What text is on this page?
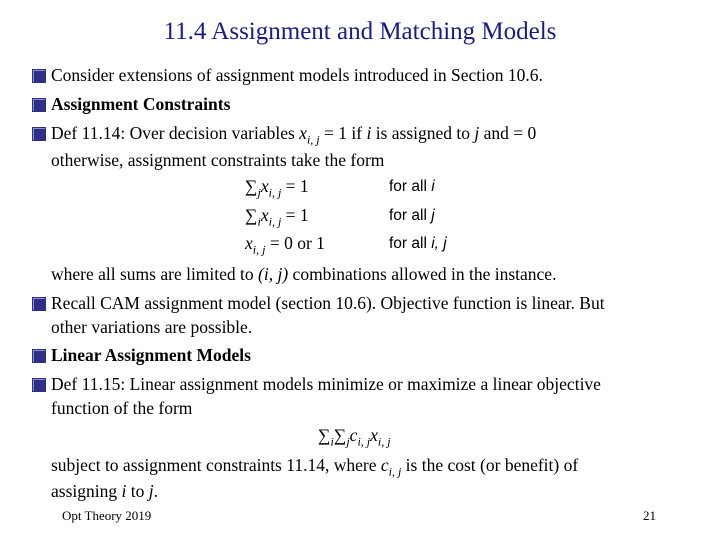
11.4 Assignment and Matching Models
Consider extensions of assignment models introduced in Section 10.6.
Assignment Constraints
Def 11.14: Over decision variables $x_{i, j} = 1$ if i is assigned to j and = 0
otherwise, assignment constraints take the form
$\sum_jx_{i, j} = 1$	for all i
$\sum_ix_{i, j} = 1$	for all j
$x_{i, j} = 0$ or 1	for all i, j
where all sums are limited to (i, j) combinations allowed in the instance.
Recall CAM assignment model (section 10.6). Objective function is linear. But
other variations are possible.
Linear Assignment Models
Def 11.15: Linear assignment models minimize or maximize a linear objective
function of the form
$\sum_i\sum_jc_{i, j}x_{i, j}$
subject to assignment constraints 11.14, where $c_{i, j}$ is the cost (or benefit) of
assigning i to j.
Opt Theory 2019	21
